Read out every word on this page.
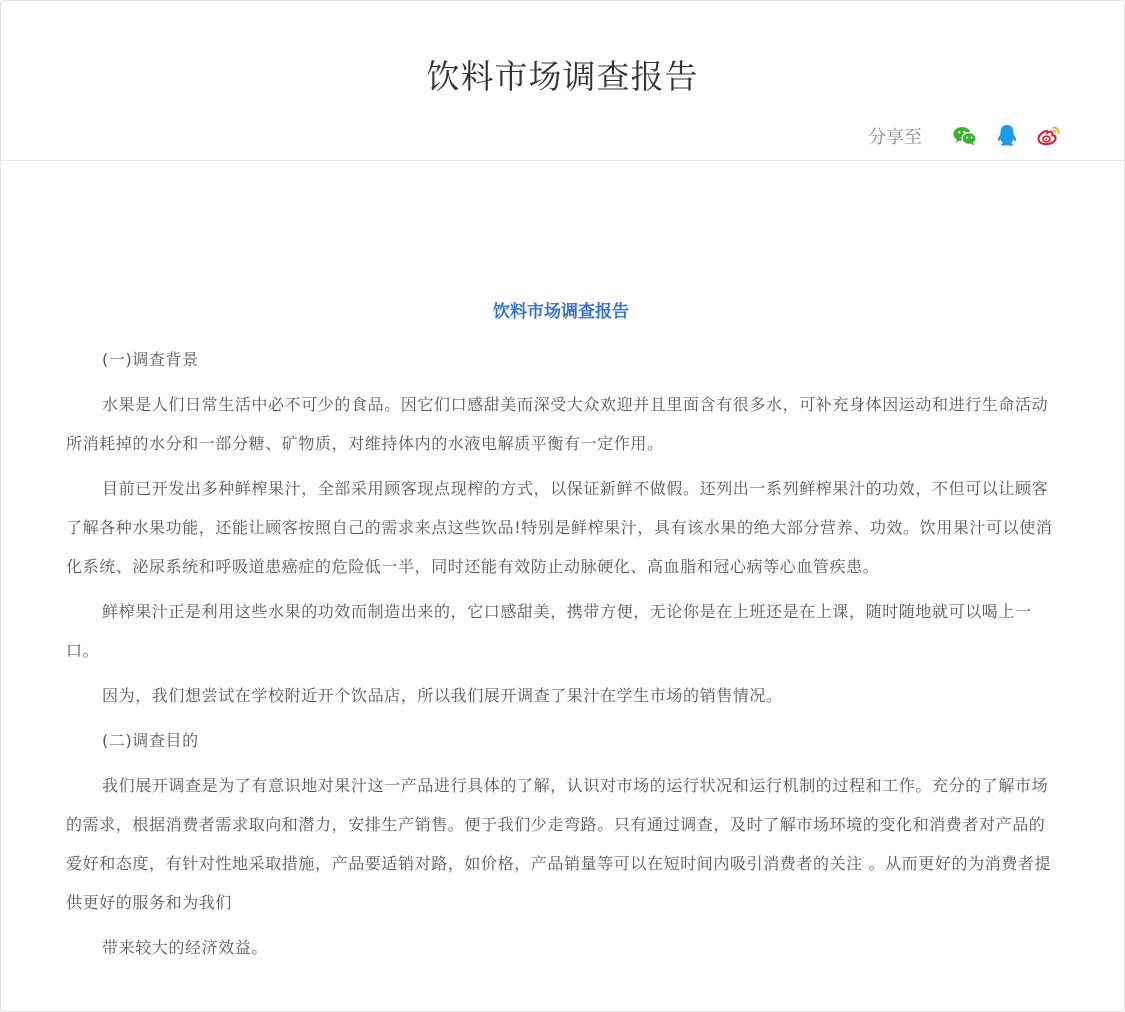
饮料市场调查报告
分享至
饮料市场调查报告

(一)调查背景

水果是人们日常生活中必不可少的食品。因它们口感甜美而深受大众欢迎并且里面含有很多水，可补充身体因运动和进行生命活动所消耗掉的水分和一部分糖、矿物质，对维持体内的水液电解质平衡有一定作用。

目前已开发出多种鲜榨果汁，全部采用顾客现点现榨的方式，以保证新鲜不做假。还列出一系列鲜榨果汁的功效，不但可以让顾客了解各种水果功能，还能让顾客按照自己的需求来点这些饮品!特别是鲜榨果汁，具有该水果的绝大部分营养、功效。饮用果汁可以使消化系统、泌尿系统和呼吸道患癌症的危险低一半，同时还能有效防止动脉硬化、高血脂和冠心病等心血管疾患。

鲜榨果汁正是利用这些水果的功效而制造出来的，它口感甜美，携带方便，无论你是在上班还是在上课，随时随地就可以喝上一口。

因为，我们想尝试在学校附近开个饮品店，所以我们展开调查了果汁在学生市场的销售情况。

(二)调查目的

我们展开调查是为了有意识地对果汁这一产品进行具体的了解，认识对市场的运行状况和运行机制的过程和工作。充分的了解市场的需求，根据消费者需求取向和潜力，安排生产销售。便于我们少走弯路。只有通过调查，及时了解市场环境的变化和消费者对产品的爱好和态度，有针对性地采取措施，产品要适销对路，如价格，产品销量等可以在短时间内吸引消费者的关注 。从而更好的为消费者提供更好的服务和为我们

带来较大的经济效益。
